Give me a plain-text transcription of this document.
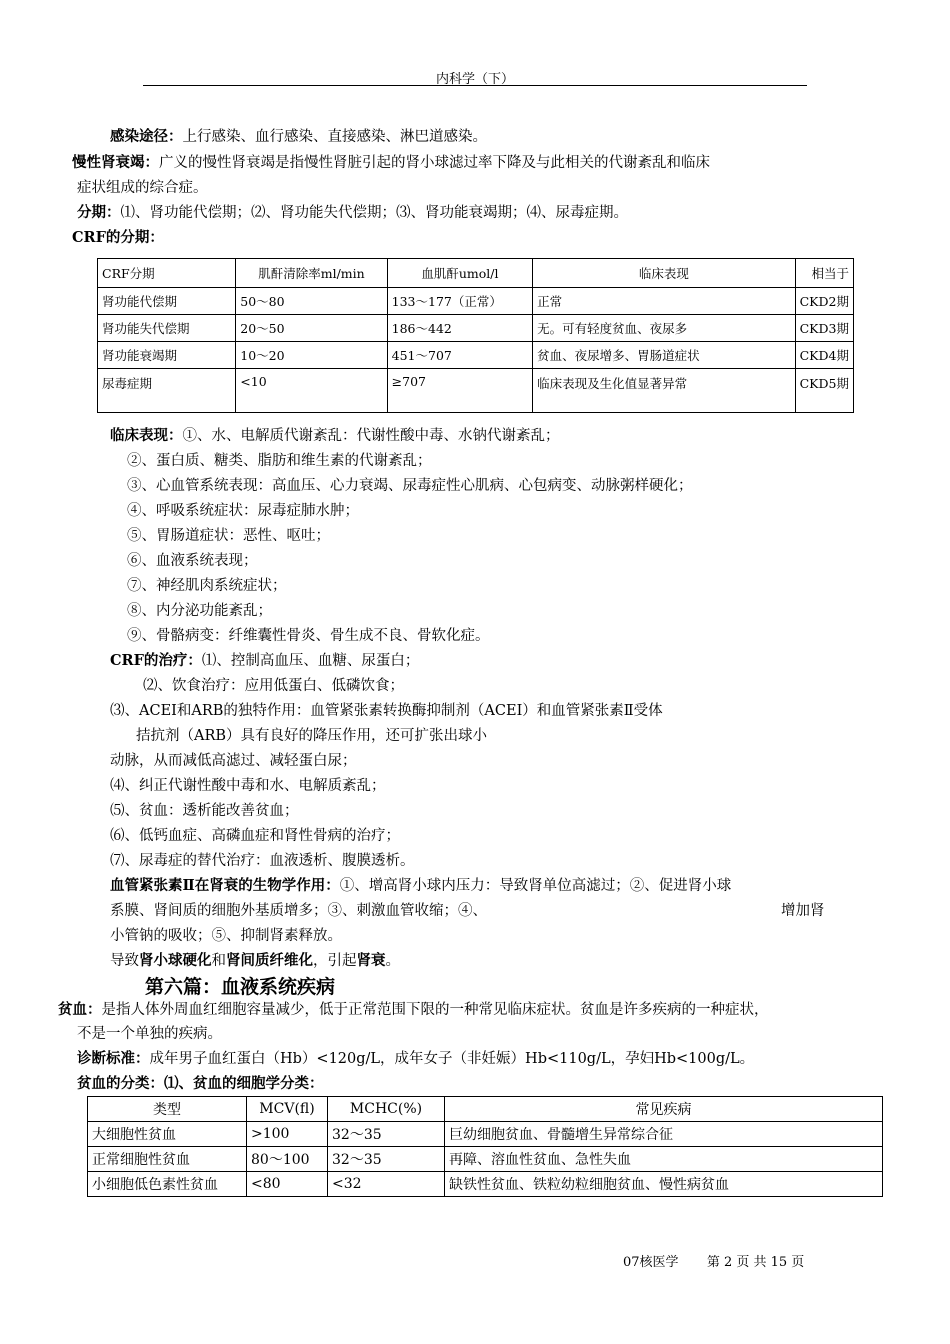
内科学（下）
感染途径：上行感染、血行感染、直接感染、淋巴道感染。
慢性肾衰竭：广义的慢性肾衰竭是指慢性肾脏引起的肾小球滤过率下降及与此相关的代谢紊乱和临床
症状组成的综合症。
分期：⑴、肾功能代偿期；⑵、肾功能失代偿期；⑶、肾功能衰竭期；⑷、尿毒症期。
CRF的分期：
CRF分期	肌酐清除率ml/min	血肌酐umol/l	临床表现	相当于
肾功能代偿期	50～80	133～177（正常）	正常	CKD2期
肾功能失代偿期	20～50	186～442	无。可有轻度贫血、夜尿多	CKD3期
肾功能衰竭期	10～20	451～707	贫血、夜尿增多、胃肠道症状	CKD4期
尿毒症期	<10	≥707	临床表现及生化值显著异常	CKD5期
临床表现：①、水、电解质代谢紊乱：代谢性酸中毒、水钠代谢紊乱；
②、蛋白质、糖类、脂肪和维生素的代谢紊乱；
③、心血管系统表现：高血压、心力衰竭、尿毒症性心肌病、心包病变、动脉粥样硬化；
④、呼吸系统症状：尿毒症肺水肿；
⑤、胃肠道症状：恶性、呕吐；
⑥、血液系统表现；
⑦、神经肌肉系统症状；
⑧、内分泌功能紊乱；
⑨、骨骼病变：纤维囊性骨炎、骨生成不良、骨软化症。
CRF的治疗：⑴、控制高血压、血糖、尿蛋白；
⑵、饮食治疗：应用低蛋白、低磷饮食；
⑶、ACEI和ARB的独特作用：血管紧张素转换酶抑制剂（ACEI）和血管紧张素Ⅱ受体
拮抗剂（ARB）具有良好的降压作用，还可扩张出球小
动脉，从而减低高滤过、减轻蛋白尿；
⑷、纠正代谢性酸中毒和水、电解质紊乱；
⑸、贫血：透析能改善贫血；
⑹、低钙血症、高磷血症和肾性骨病的治疗；
⑺、尿毒症的替代治疗：血液透析、腹膜透析。
血管紧张素Ⅱ在肾衰的生物学作用：①、增高肾小球内压力：导致肾单位高滤过；②、促进肾小球
系膜、肾间质的细胞外基质增多；③、刺激血管收缩；④、	增加肾
小管钠的吸收；⑤、抑制肾素释放。
导致肾小球硬化和肾间质纤维化，引起肾衰。
第六篇：血液系统疾病
贫血：是指人体外周血红细胞容量减少，低于正常范围下限的一种常见临床症状。贫血是许多疾病的一种症状，
不是一个单独的疾病。
诊断标准：成年男子血红蛋白（Hb）<120g/L，成年女子（非妊娠）Hb<110g/L，孕妇Hb<100g/L。
贫血的分类：⑴、贫血的细胞学分类：
类型	MCV(fl)	MCHC(%)	常见疾病
大细胞性贫血	>100	32～35	巨幼细胞贫血、骨髓增生异常综合征
正常细胞性贫血	80～100	32～35	再障、溶血性贫血、急性失血
小细胞低色素性贫血	<80	<32	缺铁性贫血、铁粒幼粒细胞贫血、慢性病贫血
07核医学 第 2 页 共 15 页
